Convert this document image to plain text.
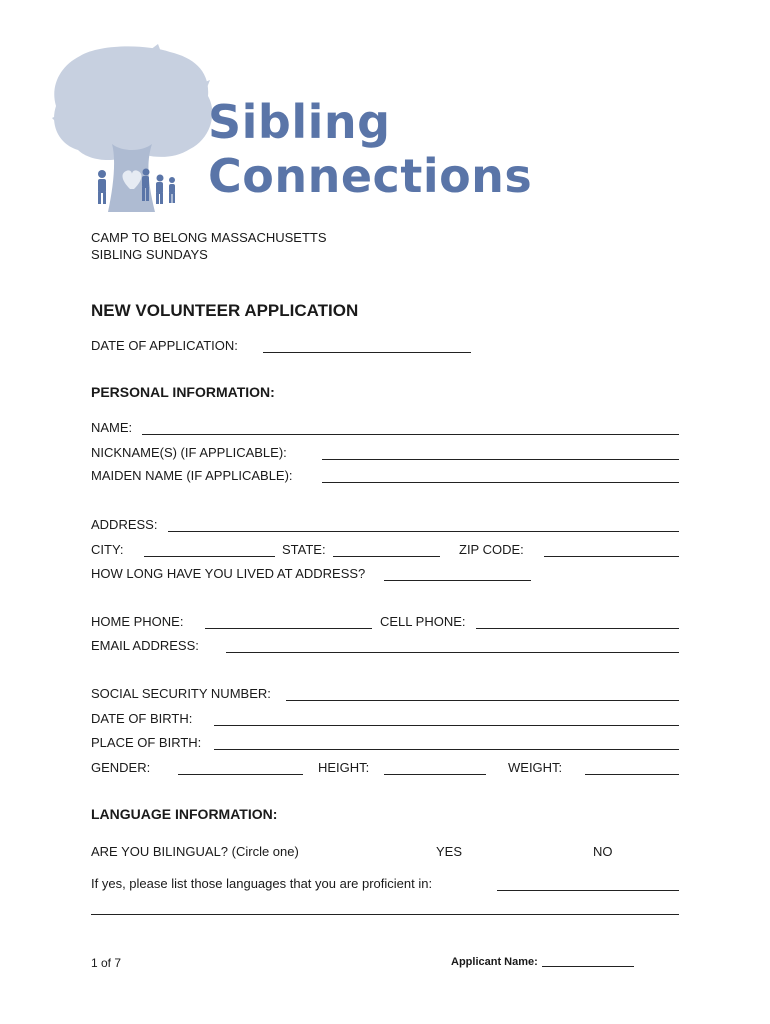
Sibling
Connections
CAMP TO BELONG MASSACHUSETTS
SIBLING SUNDAYS
NEW VOLUNTEER APPLICATION
DATE OF APPLICATION:
PERSONAL INFORMATION:
NAME:
NICKNAME(S) (IF APPLICABLE):
MAIDEN NAME (IF APPLICABLE):
ADDRESS:
CITY:	STATE:	ZIP CODE:
HOW LONG HAVE YOU LIVED AT ADDRESS?
HOME PHONE:	CELL PHONE:
EMAIL ADDRESS:
SOCIAL SECURITY NUMBER:
DATE OF BIRTH:
PLACE OF BIRTH:
GENDER:	HEIGHT:	WEIGHT:
LANGUAGE INFORMATION:
ARE YOU BILINGUAL? (Circle one)	YES	NO
If yes, please list those languages that you are proficient in:
1 of 7	Applicant Name:
